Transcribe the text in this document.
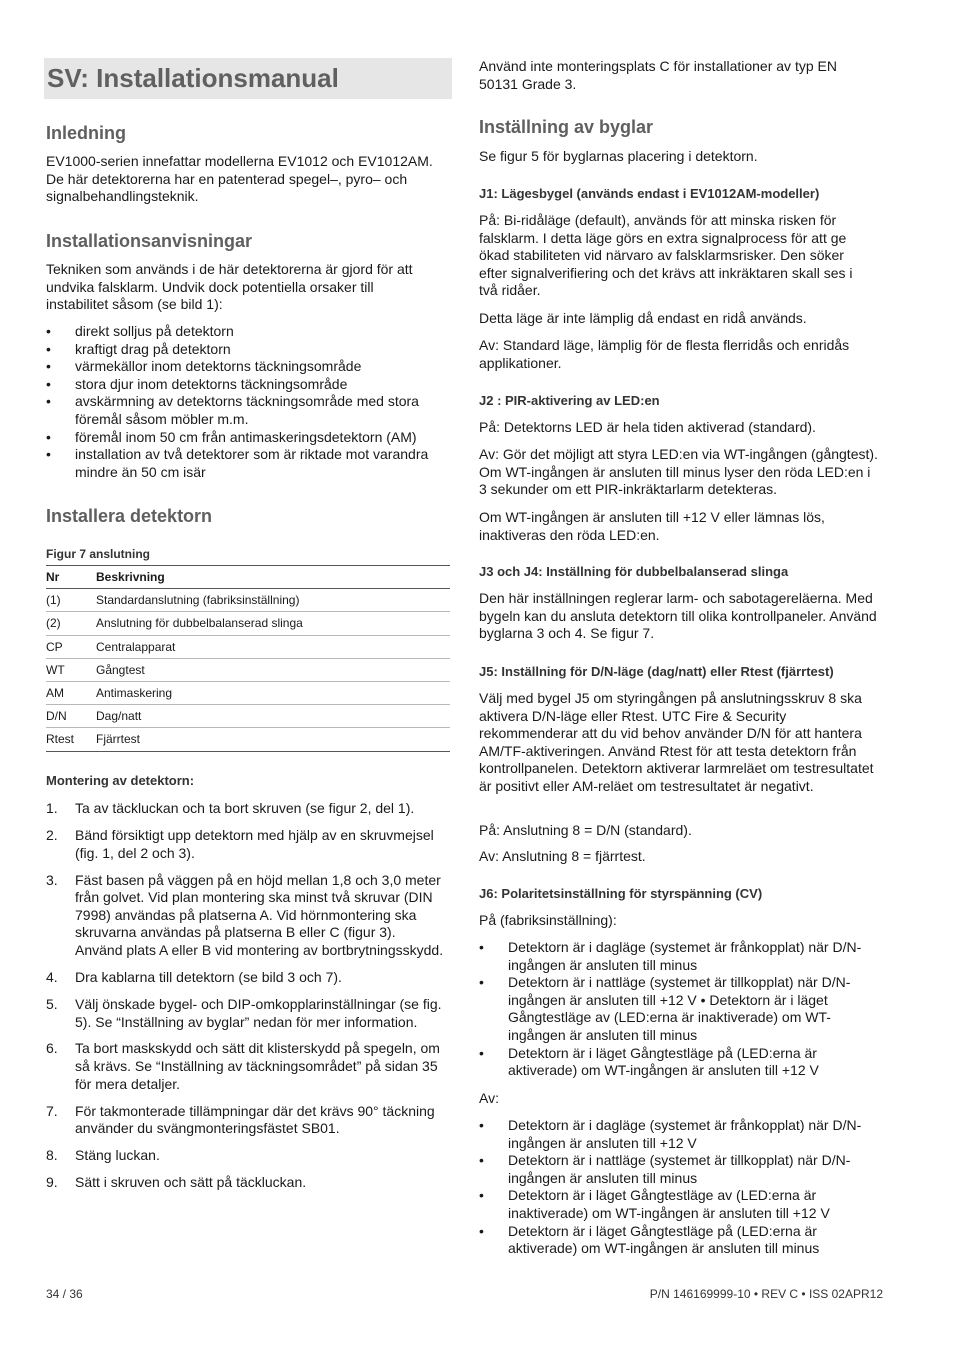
SV: Installationsmanual
Inledning
EV1000-serien innefattar modellerna EV1012 och EV1012AM. De här detektorerna har en patenterad spegel–, pyro– och signalbehandlingsteknik.
Installationsanvisningar
Tekniken som används i de här detektorerna är gjord för att undvika falsklarm. Undvik dock potentiella orsaker till instabilitet såsom (se bild 1):
• direkt solljus på detektorn
• kraftigt drag på detektorn
• värmekällor inom detektorns täckningsområde
• stora djur inom detektorns täckningsområde
• avskärmning av detektorns täckningsområde med stora föremål såsom möbler m.m.
• föremål inom 50 cm från antimaskeringsdetektorn (AM)
• installation av två detektorer som är riktade mot varandra mindre än 50 cm isär
Installera detektorn
Figur 7 anslutning
Nr	Beskrivning
(1)	Standardanslutning (fabriksinställning)
(2)	Anslutning för dubbelbalanserad slinga
CP	Centralapparat
WT	Gångtest
AM	Antimaskering
D/N	Dag/natt
Rtest	Fjärrtest
Montering av detektorn:
1. Ta av täckluckan och ta bort skruven (se figur 2, del 1).
2. Bänd försiktigt upp detektorn med hjälp av en skruvmejsel (fig. 1, del 2 och 3).
3. Fäst basen på väggen på en höjd mellan 1,8 och 3,0 meter från golvet. Vid plan montering ska minst två skruvar (DIN 7998) användas på platserna A. Vid hörnmontering ska skruvarna användas på platserna B eller C (figur 3). Använd plats A eller B vid montering av bortbrytningsskydd.
4. Dra kablarna till detektorn (se bild 3 och 7).
5. Välj önskade bygel- och DIP-omkopplarinställningar (se fig. 5). Se “Inställning av byglar” nedan för mer information.
6. Ta bort maskskydd och sätt dit klisterskydd på spegeln, om så krävs. Se “Inställning av täckningsområdet” på sidan 35 för mera detaljer.
7. För takmonterade tillämpningar där det krävs 90° täckning använder du svängmonteringsfästet SB01.
8. Stäng luckan.
9. Sätt i skruven och sätt på täckluckan.
Använd inte monteringsplats C för installationer av typ EN 50131 Grade 3.
Inställning av byglar
Se figur 5 för byglarnas placering i detektorn.
J1: Lägesbygel (används endast i EV1012AM-modeller)
På: Bi-ridåläge (default), används för att minska risken för falsklarm. I detta läge görs en extra signalprocess för att ge ökad stabiliteten vid närvaro av falsklarmsrisker. Den söker efter signalverifiering och det krävs att inkräktaren skall ses i två ridåer.
Detta läge är inte lämplig då endast en ridå används.
Av: Standard läge, lämplig för de flesta flerridås och enridås applikationer.
J2 : PIR-aktivering av LED:en
På: Detektorns LED är hela tiden aktiverad (standard).
Av: Gör det möjligt att styra LED:en via WT-ingången (gångtest). Om WT-ingången är ansluten till minus lyser den röda LED:en i 3 sekunder om ett PIR-inkräktarlarm detekteras.
Om WT-ingången är ansluten till +12 V eller lämnas lös, inaktiveras den röda LED:en.
J3 och J4: Inställning för dubbelbalanserad slinga
Den här inställningen reglerar larm- och sabotagereläerna. Med bygeln kan du ansluta detektorn till olika kontrollpaneler. Använd byglarna 3 och 4. Se figur 7.
J5: Inställning för D/N-läge (dag/natt) eller Rtest (fjärrtest)
Välj med bygel J5 om styringången på anslutningsskruv 8 ska aktivera D/N-läge eller Rtest. UTC Fire & Security rekommenderar att du vid behov använder D/N för att hantera AM/TF-aktiveringen. Använd Rtest för att testa detektorn från kontrollpanelen. Detektorn aktiverar larmreläet om testresultatet är positivt eller AM-reläet om testresultatet är negativt.
På: Anslutning 8 = D/N (standard).
Av: Anslutning 8 = fjärrtest.
J6: Polaritetsinställning för styrspänning (CV)
På (fabriksinställning):
• Detektorn är i dagläge (systemet är frånkopplat) när D/N-ingången är ansluten till minus
• Detektorn är i nattläge (systemet är tillkopplat) när D/N-ingången är ansluten till +12 V • Detektorn är i läget Gångtestläge av (LED:erna är inaktiverade) om WT-ingången är ansluten till minus
• Detektorn är i läget Gångtestläge på (LED:erna är aktiverade) om WT-ingången är ansluten till +12 V
Av:
• Detektorn är i dagläge (systemet är frånkopplat) när D/N-ingången är ansluten till +12 V
• Detektorn är i nattläge (systemet är tillkopplat) när D/N-ingången är ansluten till minus
• Detektorn är i läget Gångtestläge av (LED:erna är inaktiverade) om WT-ingången är ansluten till +12 V
• Detektorn är i läget Gångtestläge på (LED:erna är aktiverade) om WT-ingången är ansluten till minus
34 / 36	P/N 146169999-10 • REV C • ISS 02APR12
